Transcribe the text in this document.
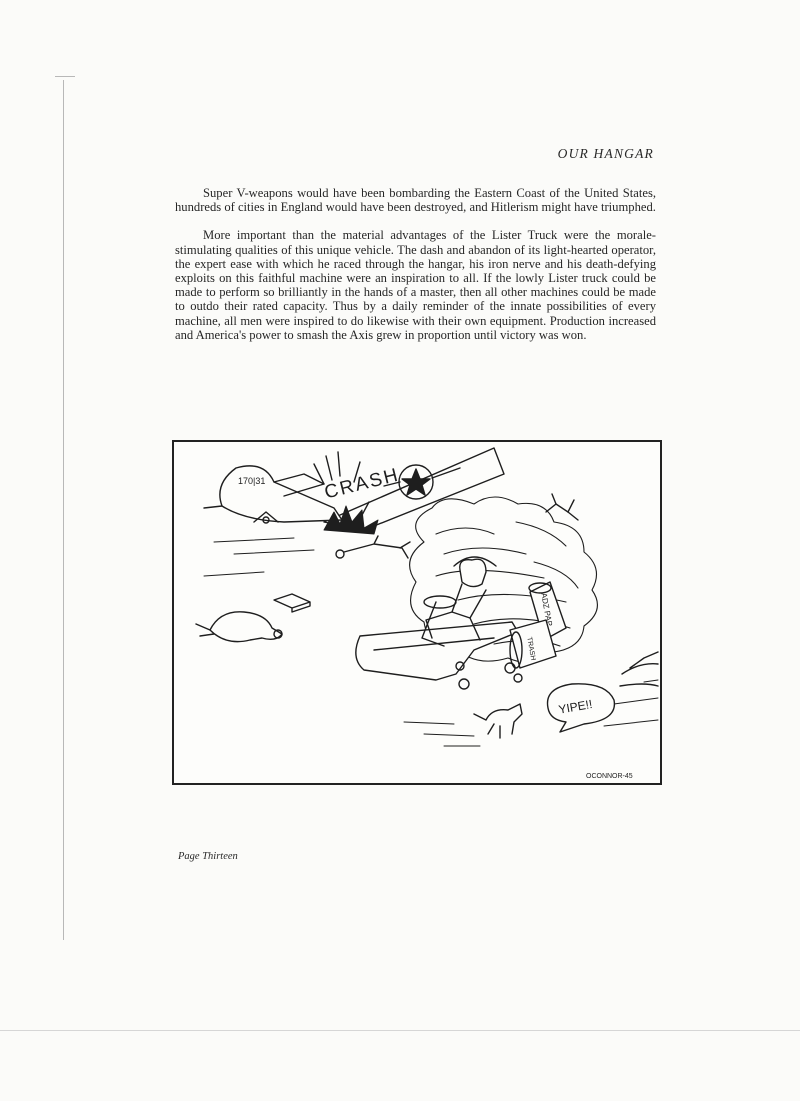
OUR HANGAR

Super V-weapons would have been bombarding the Eastern Coast of the United States, hundreds of cities in England would have been destroyed, and Hitlerism might have triumphed.

More important than the material advantages of the Lister Truck were the morale-stimulating qualities of this unique vehicle. The dash and abandon of its light-hearted operator, the expert ease with which he raced through the hangar, his iron nerve and his death-defying exploits on this faithful machine were an inspiration to all. If the lowly Lister truck could be made to perform so brilliantly in the hands of a master, then all other machines could be made to outdo their rated capacity. Thus by a daily reminder of the innate possibilities of every machine, all men were inspired to do likewise with their own equipment. Production increased and America's power to smash the Axis grew in proportion until victory was won.

CRASH
170|31
ADZ PAP
TRASH
YIPE!!
OCONNOR-45
Page Thirteen
